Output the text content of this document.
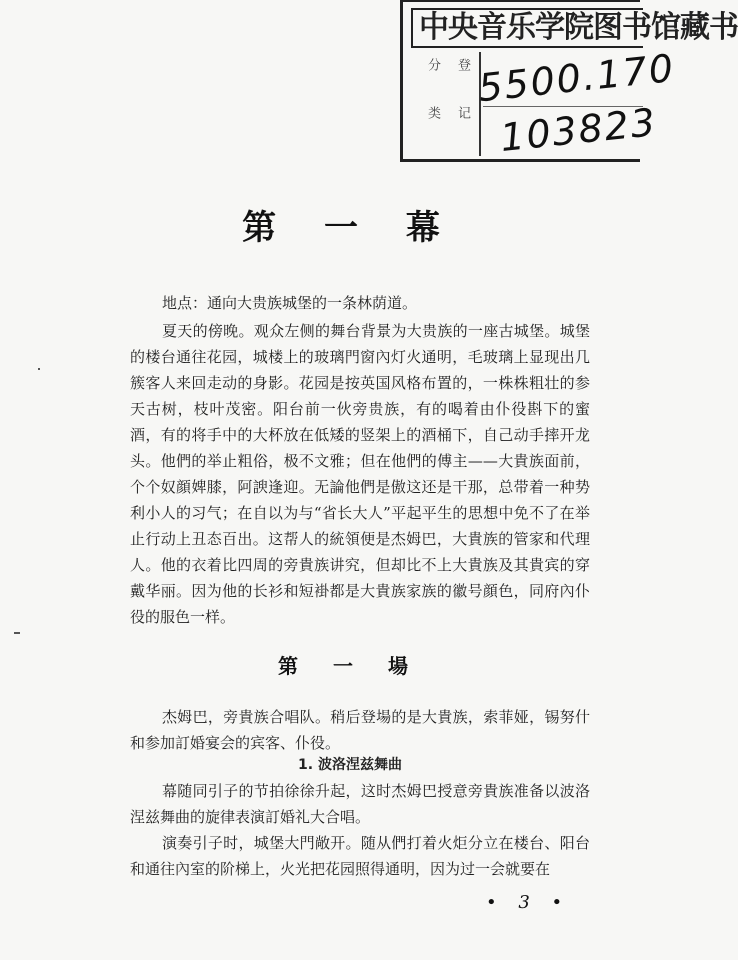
中央音乐学院图书馆藏书
分
类
登
记
5500.170
103823
第 一 幕
地点：通向大贵族城堡的一条林荫道。

夏天的傍晚。观众左侧的舞台背景为大贵族的一座古城堡。城堡的楼台通往花园，城楼上的玻璃門窗內灯火通明，毛玻璃上显现出几簇客人来回走动的身影。花园是按英国风格布置的，一株株粗壮的参天古树，枝叶茂密。阳台前一伙旁贵族，有的喝着由仆役斟下的蜜酒，有的将手中的大杯放在低矮的竖架上的酒桶下，自己动手摔开龙头。他們的举止粗俗，极不文雅；但在他們的傅主——大貴族面前，个个奴顔婢膝，阿諛逢迎。无論他們是傲这还是干那，总带着一种势利小人的习气；在自以为与“省长大人”平起平生的思想中免不了在举止行动上丑态百出。这帮人的統領便是杰姆巴，大貴族的管家和代理人。他的衣着比四周的旁貴族讲究，但却比不上大貴族及其貴宾的穿戴华丽。因为他的长衫和短褂都是大貴族家族的徽号顔色，同府內仆役的服色一样。

第 一 場

杰姆巴，旁貴族合唱队。稍后登場的是大貴族，索菲娅，锡努什和参加訂婚宴会的宾客、仆役。

1. 波洛涅兹舞曲

幕随同引子的节拍徐徐升起，这时杰姆巴授意旁貴族准备以波洛涅兹舞曲的旋律表演訂婚礼大合唱。

演奏引子时，城堡大門敞开。随从們打着火炬分立在楼台、阳台和通往內室的阶梯上，火光把花园照得通明，因为过一会就要在

• 3 •
